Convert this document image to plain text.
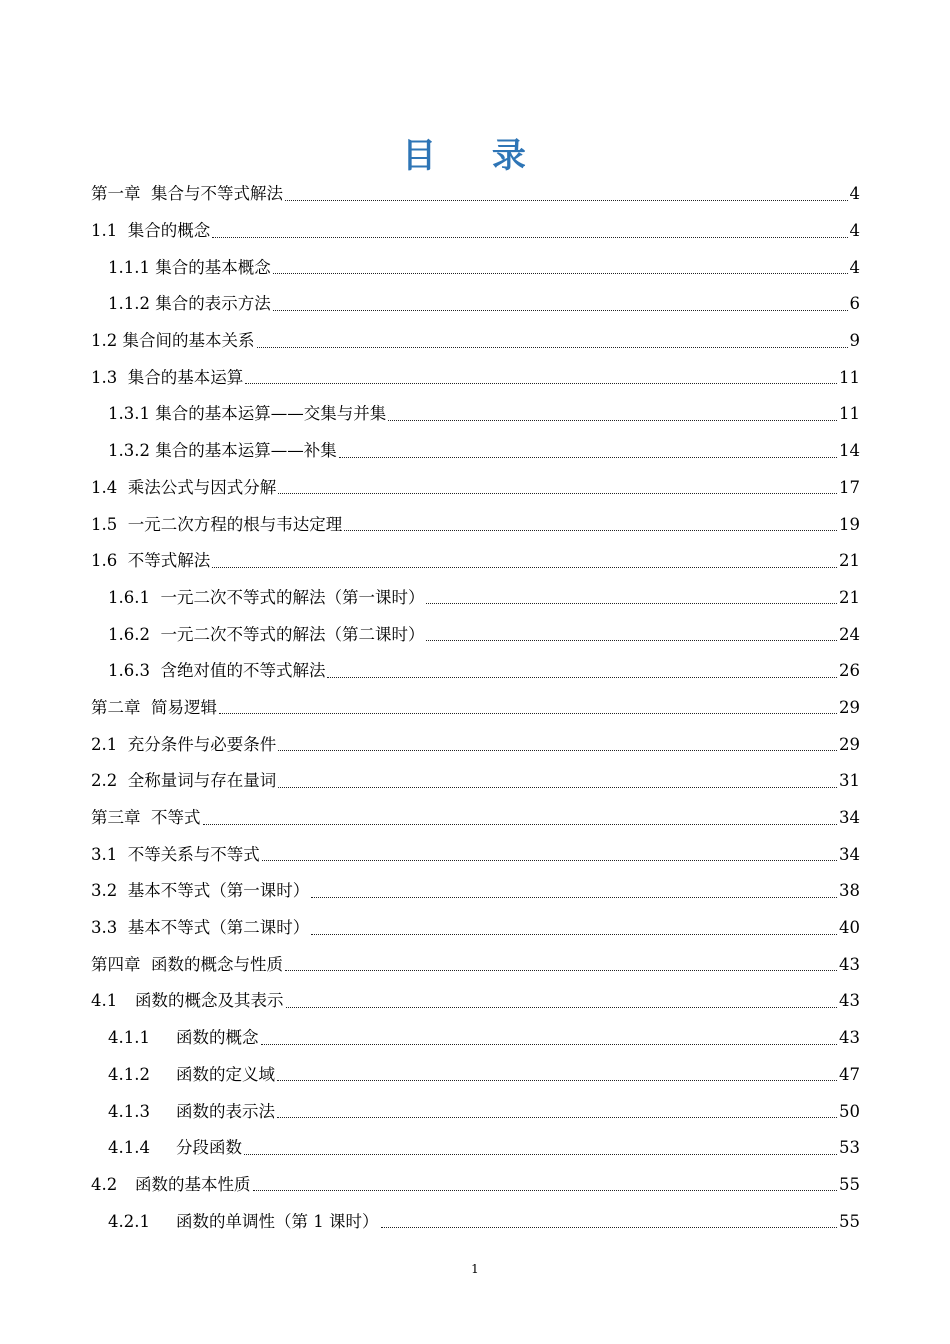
目 录
第一章  集合与不等式解法	4
1.1  集合的概念	4
1.1.1 集合的基本概念	4
1.1.2 集合的表示方法	6
1.2 集合间的基本关系	9
1.3  集合的基本运算	11
1.3.1 集合的基本运算——交集与并集	11
1.3.2 集合的基本运算——补集	14
1.4  乘法公式与因式分解	17
1.5  一元二次方程的根与韦达定理	19
1.6  不等式解法	21
1.6.1  一元二次不等式的解法（第一课时）	21
1.6.2  一元二次不等式的解法（第二课时）	24
1.6.3  含绝对值的不等式解法	26
第二章  简易逻辑	29
2.1  充分条件与必要条件	29
2.2  全称量词与存在量词	31
第三章  不等式	34
3.1  不等关系与不等式	34
3.2  基本不等式（第一课时）	38
3.3  基本不等式（第二课时）	40
第四章  函数的概念与性质	43
4.1	函数的概念及其表示	43
4.1.1	函数的概念	43
4.1.2	函数的定义域	47
4.1.3	函数的表示法	50
4.1.4	分段函数	53
4.2	函数的基本性质	55
4.2.1	函数的单调性（第 1 课时）	55
1
